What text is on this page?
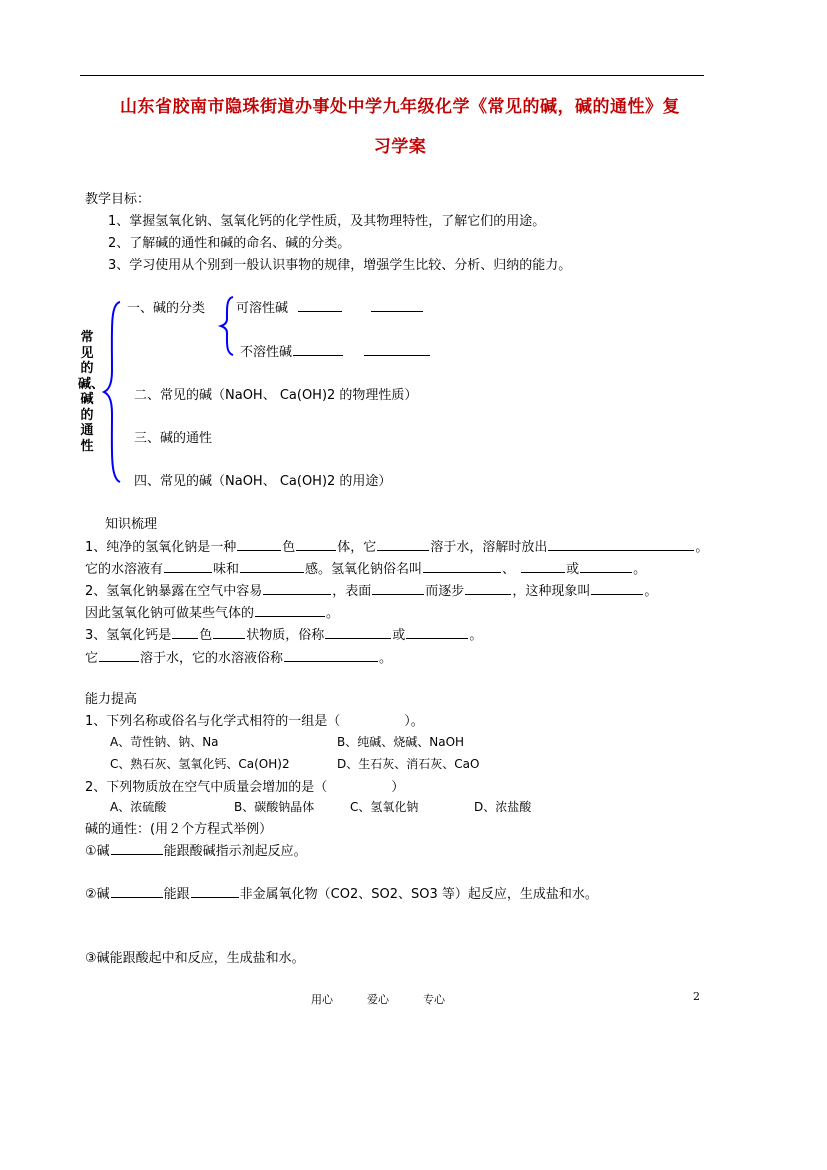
山东省胶南市隐珠街道办事处中学九年级化学《常见的碱，碱的通性》复
习学案
教学目标：
1、掌握氢氧化钠、氢氧化钙的化学性质，及其物理特性，了解它们的用途。
2、了解碱的通性和碱的命名、碱的分类。
3、学习使用从个别到一般认识事物的规律，增强学生比较、分析、归纳的能力。
常见的碱、碱的通性
一、碱的分类 可溶性碱
不溶性碱
二、常见的碱（NaOH、 Ca(OH)2 的物理性质）
三、碱的通性
四、常见的碱（NaOH、 Ca(OH)2 的用途）
知识梳理
1、纯净的氢氧化钠是一种	色	体，它	溶于水，溶解时放出	。
它的水溶液有	味和	感。氢氧化钠俗名叫	、	或	。
2、氢氧化钠暴露在空气中容易	，表面	而逐步	，这种现象叫	。
因此氢氧化钠可做某些气体的	。
3、氢氧化钙是 色	状物质，俗称	或	。
它	溶于水，它的水溶液俗称	。
能力提高
1、下列名称或俗名与化学式相符的一组是（	）。
A、苛性钠、钠、Na	B、纯碱、烧碱、NaOH
C、熟石灰、氢氧化钙、Ca(OH)2	D、生石灰、消石灰、CaO
2、下列物质放在空气中质量会增加的是（	）
A、浓硫酸	B、碳酸钠晶体	C、氢氧化钠	D、浓盐酸
碱的通性：(用２个方程式举例）
①碱	能跟酸碱指示剂起反应。
②碱	能跟	非金属氧化物（CO2、SO2、SO3 等）起反应，生成盐和水。
③碱能跟酸起中和反应，生成盐和水。
用心	爱心	专心	2
